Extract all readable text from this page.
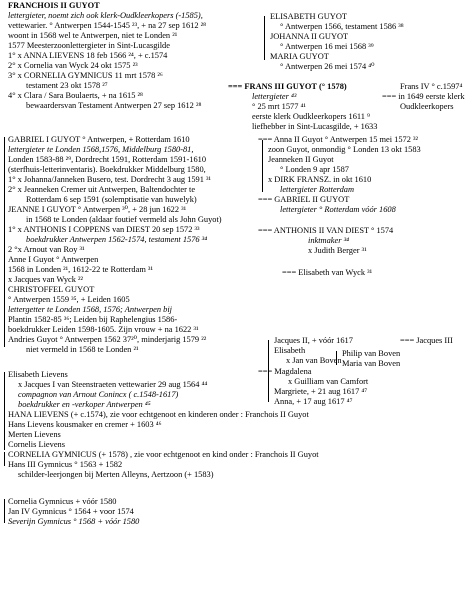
FRANCHOIS II GUYOT
lettergieter, noemt zich ook klerk-Oudkleerkopers (-1585),
vettewarier. ° Antwerpen 1544-1545 ²³, + na 27 sep 1612 ²⁸
woont in 1568 wel te Antwerpen, niet te Londen ²¹
1577 Meesterzoonlettergieter in Sint-Lucasgilde
1° x ANNA LIEVENS 18 feb 1566 ²⁴, + c.1574
2° x Cornelia van Wyck 24 okt 1575 ²³
3° x CORNELIA GYMNICUS 11 mrt 1578 ²⁶
testament 23 okt 1578 ²⁷
4° x Clara / Sara Boulaerts, + na 1615 ²⁸
bewaardersvan Testament Antwerpen 27 sep 1612 ²⁸
ELISABETH GUYOT
° Antwerpen 1566, testament 1586 ³⁸
JOHANNA II GUYOT
° Antwerpen 16 mei 1568 ³⁹
MARIA GUYOT
° Antwerpen 26 mei 1574 ⁴⁰
=== FRANS III GUYOT (° 1578)
lettergieter ⁴³
° 25 mrt 1577 ⁴¹
eerste klerk Oudkleerkopers 1611 ⁹
liefhebber in Sint-Lucasgilde, + 1633
Frans IV ° c.1597⁴
=== in 1649 eerste klerk
Oudkleerkopers
GABRIEL I GUYOT ° Antwerpen, + Rotterdam 1610
lettergieter te Londen 1568,1576, Middelburg 1580-81,
Londen 1583-88 ²⁹, Dordrecht 1591, Rotterdam 1591-1610
(sterfhuis-letterinventaris). Boekdrukker Middelburg 1580,
1° x Johanna/Janneken Busero, test. Dordrecht 3 aug 1591 ³¹
2° x Jeanneken Cremer uit Antwerpen, Baltendochter te
Rotterdam 6 sep 1591 (solemptisatie van huwelyk)
JEANNE I GUYOT ° Antwerpen ³⁰, + 28 jun 1622 ³¹
in 1568 te Londen (aldaar foutief vermeld als John Guyot)
1° x ANTHONIS I COPPENS van DIEST 20 sep 1572 ³³
boekdrukker Antwerpen 1562-1574, testament 1576 ³⁴
2 °x Arnout van Roy ³¹
Anne I Guyot ° Antwerpen
1568 in Londen ²¹, 1612-22 te Rotterdam ³¹
x Jacques van Wyck ²²
CHRISTOFFEL GUYOT
° Antwerpen 1559 ³⁵, + Leiden 1605
lettergetter te Londen 1568, 1576; Antwerpen bij
Plantin 1582-85 ³⁶; Leiden bij Raphelengius 1586-
boekdrukker Leiden 1598-1605. Zijn vrouw + na 1622 ³¹
Andries Guyot ° Antwerpen 1562 37²⁰, minderjarig 1579 ²²
niet vermeld in 1568 te Londen ²¹
=== Anna II Guyot ° Antwerpen 15 mei 1572 ³²
zoon Guyot, onmondig ° Londen 13 okt 1583
Jeanneken II Guyot
° Londen 9 apr 1587
x DIRK FRANSZ. in okt 1610
lettergieter Rotterdam
=== GABRIEL II GUYOT
lettergieter ° Rotterdam vóór 1608
=== ANTHONIS II VAN DIEST ° 1574
inktmaker ³⁴
x Judith Berger ³¹
=== Elisabeth van Wyck ³¹
Jacques II, + vóór 1617
Elisabeth
x Jan van Boven
=== Jacques III
Philip van Boven
Maria van Boven
=== Magdalena
x Guilliam van Camfort
Margriete, + 21 aug 1617 ⁴⁷
Anna, + 17 aug 1617 ⁴⁷
Elisabeth Lievens
x Jacques I van Steenstraeten vettewarier 29 aug 1564 ⁴⁴
compagnon van Arnout Conincx ( c.1548-1617)
boekdrukker en -verkoper Antwerpen ⁴⁵
HANA LIEVENS (+ c.1574), zie voor echtgenoot en kinderen onder : Franchois II Guyot
Hans Lievens kousmaker en cremer + 1603 ⁴⁶
Merten Lievens
Cornelis Lievens
CORNELIA GYMNICUS (+ 1578) , zie voor echtgenoot en kind onder : Franchois II Guyot
Hans III Gymnicus ° 1563 + 1582
schilder-leerjongen bij Merten Alleyns, Aertzoon (+ 1583)
Cornelia Gymnicus + vóór 1580
Jan IV Gymnicus ° 1564 + voor 1574
Severijn Gymnicus ° 1568 + vóór 1580
